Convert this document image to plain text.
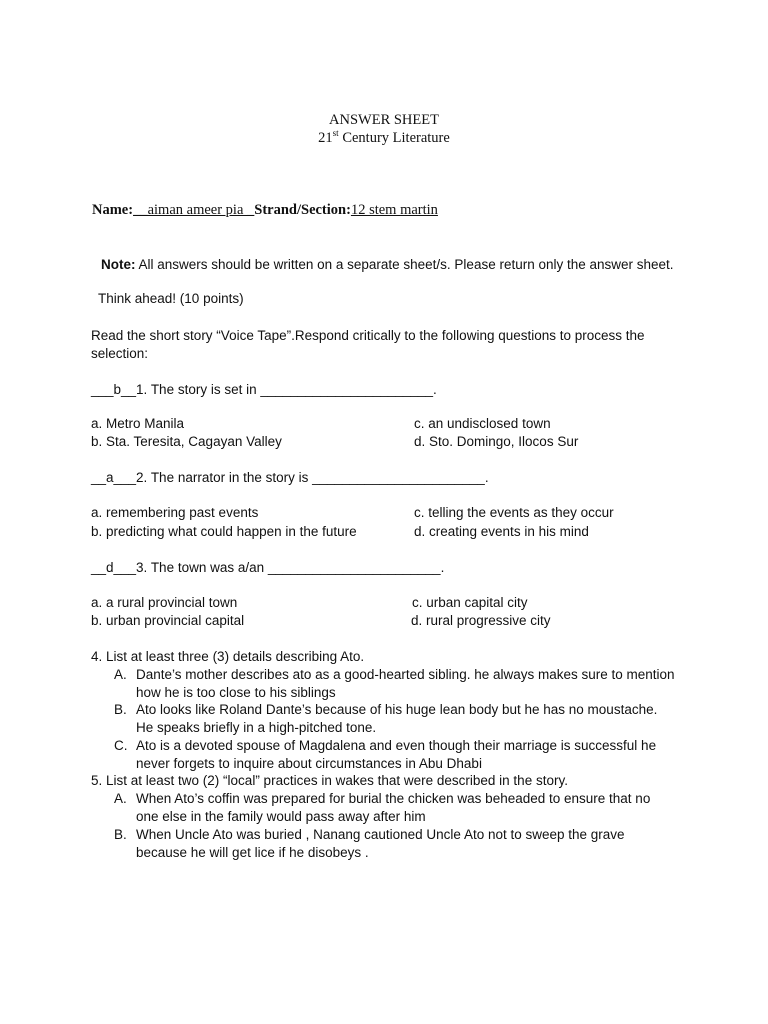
ANSWER SHEET
21st Century Literature
Name:__aiman ameer pia _Strand/Section:12 stem martin
Note: All answers should be written on a separate sheet/s. Please return only the answer sheet.
Think ahead! (10 points)
Read the short story “Voice Tape”.Respond critically to the following questions to process the
selection:
___b__1. The story is set in _______________________.
a. Metro Manila	c. an undisclosed town
b. Sta. Teresita, Cagayan Valley	d. Sto. Domingo, Ilocos Sur
__a___2. The narrator in the story is _______________________.
a. remembering past events	c. telling the events as they occur
b. predicting what could happen in the future	d. creating events in his mind
__d___3. The town was a/an _______________________.
a. a rural provincial town	c. urban capital city
b. urban provincial capital	d. rural progressive city
4. List at least three (3) details describing Ato.
A. Dante’s mother describes ato as a good-hearted sibling. he always makes sure to mention
how he is too close to his siblings
B. Ato looks like Roland Dante’s because of his huge lean body but he has no moustache.
He speaks briefly in a high-pitched tone.
C. Ato is a devoted spouse of Magdalena and even though their marriage is successful he
never forgets to inquire about circumstances in Abu Dhabi
5. List at least two (2) “local” practices in wakes that were described in the story.
A. When Ato’s coffin was prepared for burial the chicken was beheaded to ensure that no
one else in the family would pass away after him
B. When Uncle Ato was buried , Nanang cautioned Uncle Ato not to sweep the grave
because he will get lice if he disobeys .
